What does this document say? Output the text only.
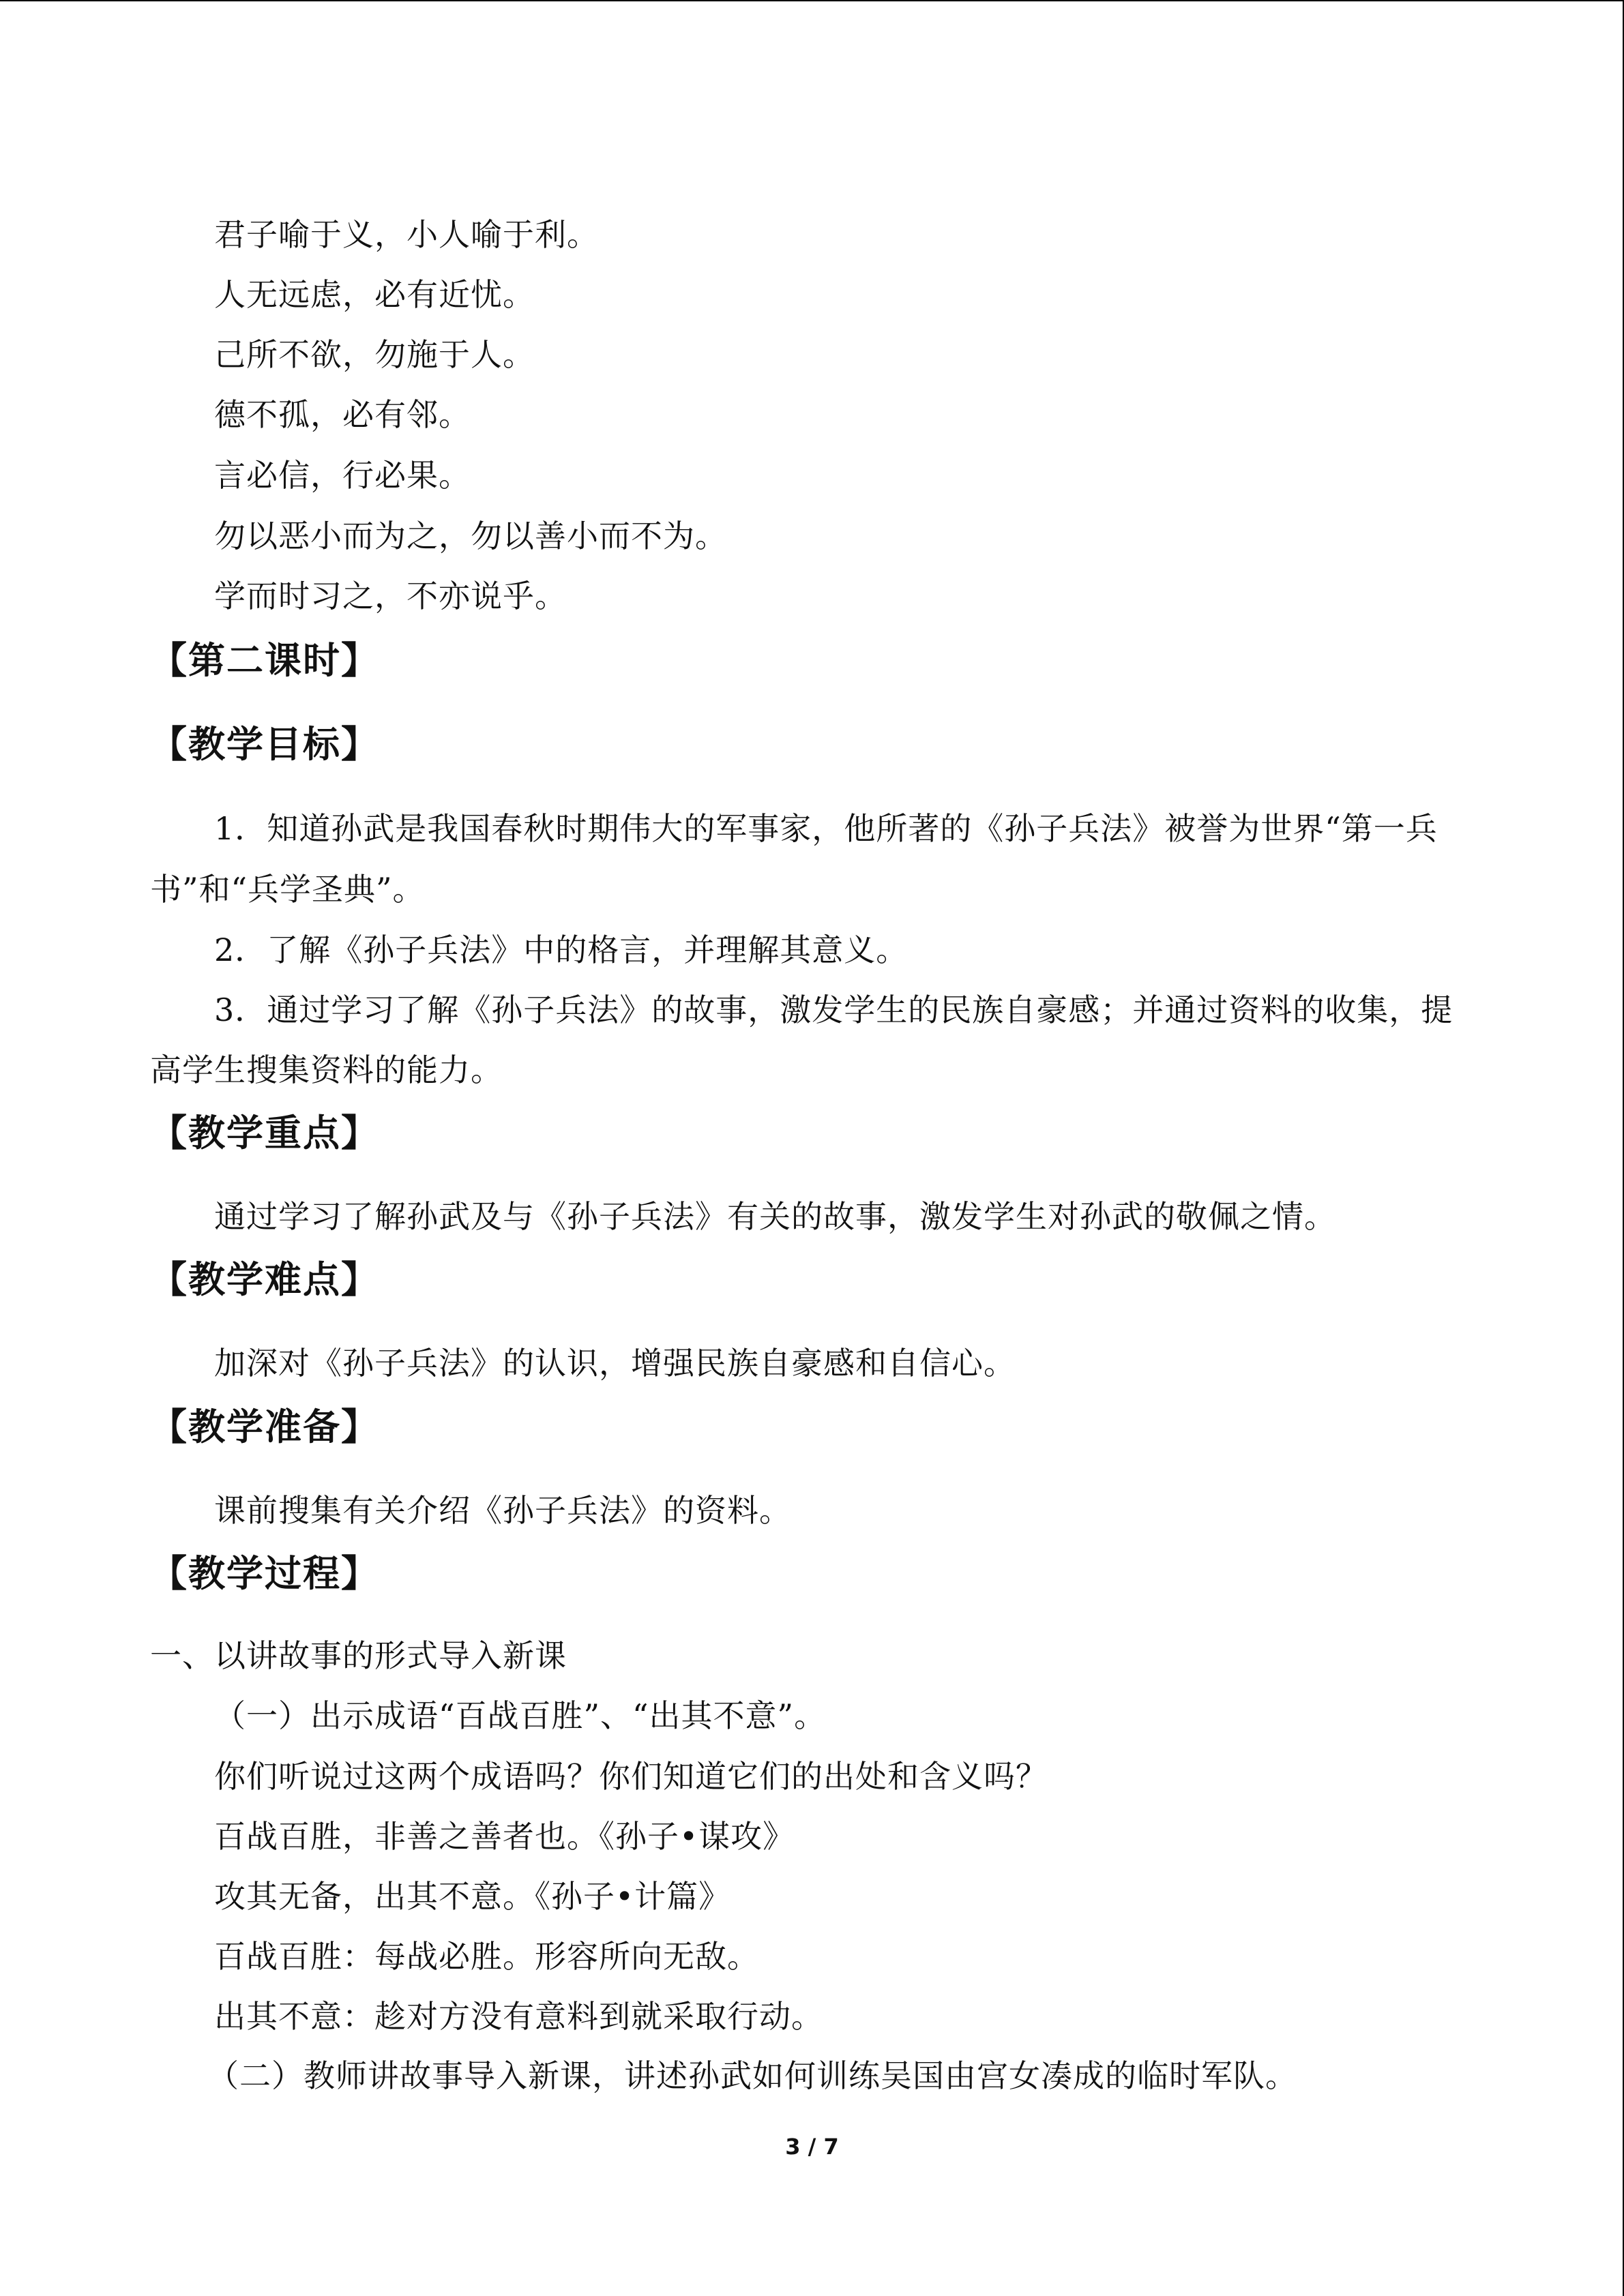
君子喻于义，小人喻于利。
人无远虑，必有近忧。
己所不欲，勿施于人。
德不孤，必有邻。
言必信，行必果。
勿以恶小而为之，勿以善小而不为。
学而时习之，不亦说乎。
【第二课时】
【教学目标】
1．知道孙武是我国春秋时期伟大的军事家，他所著的《孙子兵法》被誉为世界“第一兵
书”和“兵学圣典”。
2．了解《孙子兵法》中的格言，并理解其意义。
3．通过学习了解《孙子兵法》的故事，激发学生的民族自豪感；并通过资料的收集，提
高学生搜集资料的能力。
【教学重点】
通过学习了解孙武及与《孙子兵法》有关的故事，激发学生对孙武的敬佩之情。
【教学难点】
加深对《孙子兵法》的认识，增强民族自豪感和自信心。
【教学准备】
课前搜集有关介绍《孙子兵法》的资料。
【教学过程】
一、以讲故事的形式导入新课
（一）出示成语“百战百胜”、“出其不意”。
你们听说过这两个成语吗？你们知道它们的出处和含义吗？
百战百胜，非善之善者也。《孙子•谋攻》
攻其无备，出其不意。《孙子•计篇》
百战百胜：每战必胜。形容所向无敌。
出其不意：趁对方没有意料到就采取行动。
（二）教师讲故事导入新课，讲述孙武如何训练吴国由宫女凑成的临时军队。
3 / 7
